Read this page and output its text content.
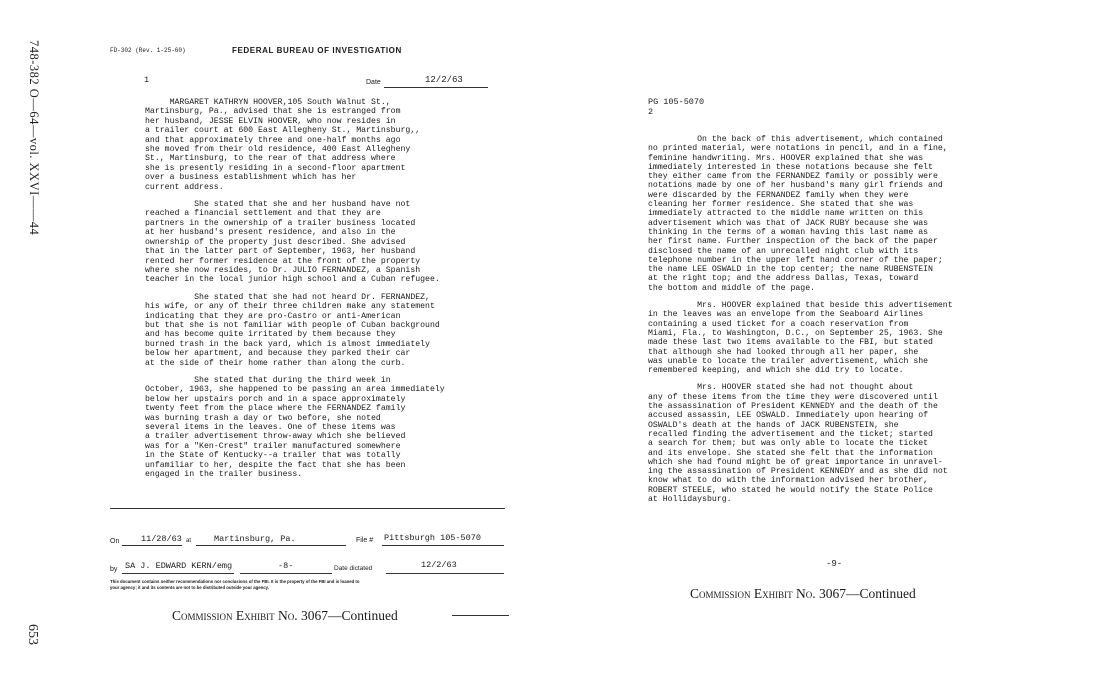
748-382 O—64—vol. XXVI——44
653
FD-302 (Rev. 1-25-60)	FEDERAL BUREAU OF INVESTIGATION
1	Date	12/2/63
MARGARET KATHRYN HOOVER,105 South Walnut St.,
Martinsburg, Pa., advised that she is estranged from
her husband, JESSE ELVIN HOOVER, who now resides in
a trailer court at 600 East Allegheny St., Martinsburg,,
and that approximately three and one-half months ago
she moved from their old residence, 400 East Allegheny
St., Martinsburg, to the rear of that address where
she is presently residing in a second-floor apartment
over a business establishment which has her
current address.
She stated that she and her husband have not
reached a financial settlement and that they are
partners in the ownership of a trailer business located
at her husband's present residence, and also in the
ownership of the property just described. She advised
that in the latter part of September, 1963, her husband
rented her former residence at the front of the property
where she now resides, to Dr. JULIO FERNANDEZ, a Spanish
teacher in the local junior high school and a Cuban refugee.
She stated that she had not heard Dr. FERNANDEZ,
his wife, or any of their three children make any statement
indicating that they are pro-Castro or anti-American
but that she is not familiar with people of Cuban background
and has become quite irritated by them because they
burned trash in the back yard, which is almost immediately
below her apartment, and because they parked their car
at the side of their home rather than along the curb.
She stated that during the third week in
October, 1963, she happened to be passing an area immediately
below her upstairs porch and in a space approximately
twenty feet from the place where the FERNANDEZ family
was burning trash a day or two before, she noted
several items in the leaves. One of these items was
a trailer advertisement throw-away which she believed
was for a "Ken-Crest" trailer manufactured somewhere
in the State of Kentucky--a trailer that was totally
unfamiliar to her, despite the fact that she has been
engaged in the trailer business.
On	11/28/63 at	Martinsburg, Pa.	File # Pittsburgh 105-5070
by SA J. EDWARD KERN/emg	-8-	Date dictated	12/2/63
This document contains neither recommendations nor conclusions of the FBI. It is the property of the FBI and is loaned to
your agency; it and its contents are not to be distributed outside your agency.
Commission Exhibit No. 3067—Continued
PG 105-5070
2
On the back of this advertisement, which contained
no printed material, were notations in pencil, and in a fine,
feminine handwriting. Mrs. HOOVER explained that she was
immediately interested in these notations because she felt
they either came from the FERNANDEZ family or possibly were
notations made by one of her husband's many girl friends and
were discarded by the FERNANDEZ family when they were
cleaning her former residence. She stated that she was
immediately attracted to the middle name written on this
advertisement which was that of JACK RUBY because she was
thinking in the terms of a woman having this last name as
her first name. Further inspection of the back of the paper
disclosed the name of an unrecalled night club with its
telephone number in the upper left hand corner of the paper;
the name LEE OSWALD in the top center; the name RUBENSTEIN
at the right top; and the address Dallas, Texas, toward
the bottom and middle of the page.
Mrs. HOOVER explained that beside this advertisement
in the leaves was an envelope from the Seaboard Airlines
containing a used ticket for a coach reservation from
Miami, Fla., to Washington, D.C., on September 25, 1963. She
made these last two items available to the FBI, but stated
that although she had looked through all her paper, she
was unable to locate the trailer advertisement, which she
remembered keeping, and which she did try to locate.
Mrs. HOOVER stated she had not thought about
any of these items from the time they were discovered until
the assassination of President KENNEDY and the death of the
accused assassin, LEE OSWALD. Immediately upon hearing of
OSWALD's death at the hands of JACK RUBENSTEIN, she
recalled finding the advertisement and the ticket; started
a search for them; but was only able to locate the ticket
and its envelope. She stated she felt that the information
which she had found might be of great importance in unravel-
ing the assassination of President KENNEDY and as she did not
know what to do with the information advised her brother,
ROBERT STEELE, who stated he would notify the State Police
at Hollidaysburg.
-9-
Commission Exhibit No. 3067—Continued
